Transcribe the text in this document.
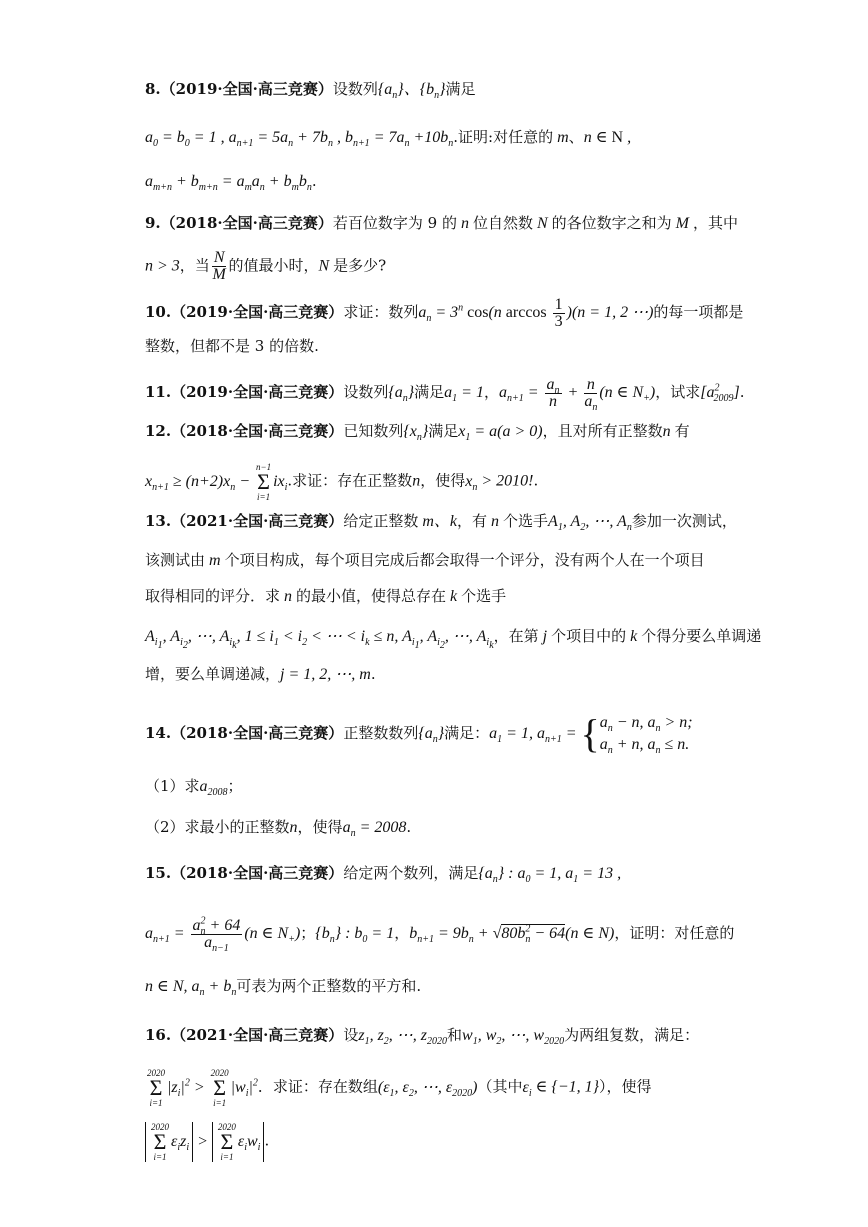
8.（2019·全国·高三竞赛）设数列$\{a_n\}$、$\{b_n\}$满足
$a_0 = b_0 = 1$ , $a_{n+1} = 5a_n + 7b_n$ , $b_{n+1} = 7a_n +10b_n$.证明:对任意的 m、n ∈ N ,
$a_{m+n} + b_{m+n} = a_ma_n + b_mb_n$.
9.（2018·全国·高三竞赛）若百位数字为 9 的 n 位自然数 N 的各位数字之和为 M ，其中
n > 3，当 $\frac{N}{M}$ 的值最小时，N 是多少?
10.（2019·全国·高三竞赛）求证：数列$a_n = 3^n$ cos(n $\arccos \frac{1}{3} )(n = 1$, 2 ⋯)的每一项都是
整数，但都不是 3 的倍数.
11.（2019·全国·高三竞赛）设数列$\{a_n\}$满足$a_1 = 1$，$a_{n+1} = \frac{a_n}{n} + \frac{n}{a_n} (n$ ∈ $N_+$)，试求$[a^2_{2009}]$.
12.（2018·全国·高三竞赛）已知数列$\{x_n\}$满足$x_1 = a(a > 0)$，且对所有正整数n 有
$x_{n+1} \ge (n+2)x_n - n-1$
Σ
$i=1ix_i$.求证：存在正整数n，使得$x_n > 2010$!.
13.（2021·全国·高三竞赛）给定正整数 m、k，有 n 个选手$A_1$, $A_2$, ⋯, $A_n$参加一次测试，
该测试由 m 个项目构成，每个项目完成后都会取得一个评分，没有两个人在一个项目
取得相同的评分．求 n 的最小值，使得总存在 k 个选手
$A_{i_1}$, $A_{i_2}$, ⋯, $A_{i_k}$, $1 \le i_1 < i_2$ < ⋯ < $i_k \le n$, $A_{i_1}$, $A_{i_2}$, ⋯, $A_{i_k}$，在第 j 个项目中的 k 个得分要么单调递
增，要么单调递减，j = 1, 2, ⋯, m.
14.（2018·全国·高三竞赛）正整数数列$\{a_n\}$满足：$a_1 = 1$, $a_{n+1}$ = { $a_n - n$, $a_n > n$;
$a_n + n$, $a_n \le n$.
（1）求$a_{2008}$；
（2）求最小的正整数n，使得$a_n = 2008$.
15.（2018·全国·高三竞赛）给定两个数列，满足$\{a_n\}$ : $a_0 = 1$, $a_1 = 13$ ,
$a_{n+1} = \frac{a^2_n + 64}{a_{n-1}} (n$ ∈ $N_+$)；$\{b_n\}$ : $b_0 = 1$，$b_{n+1} = 9b_n + √80b^2_n - 64(n$ ∈ N)，证明：对任意的
n ∈ N, $a_n + b_n$可表为两个正整数的平方和.
16.（2021·全国·高三竞赛）设$z_1$, $z_2$, ⋯, $z_{2020}$和$w_1$, $w_2$, ⋯, $w_{2020}$为两组复数，满足：
2020
Σ
$i=1|z_i|^2 > 2020$
Σ
$i=1|w_i|^2$．求证：存在数组($\varepsilon_1$, $\varepsilon_2$, ⋯, $\varepsilon_{2020}$)（其中$\varepsilon_i$ ∈ {−1, 1}），使得
2020
Σ
$i=1\varepsilon_iz_i > 2020$
Σ
$i=1\varepsilon_iw_i$ .
